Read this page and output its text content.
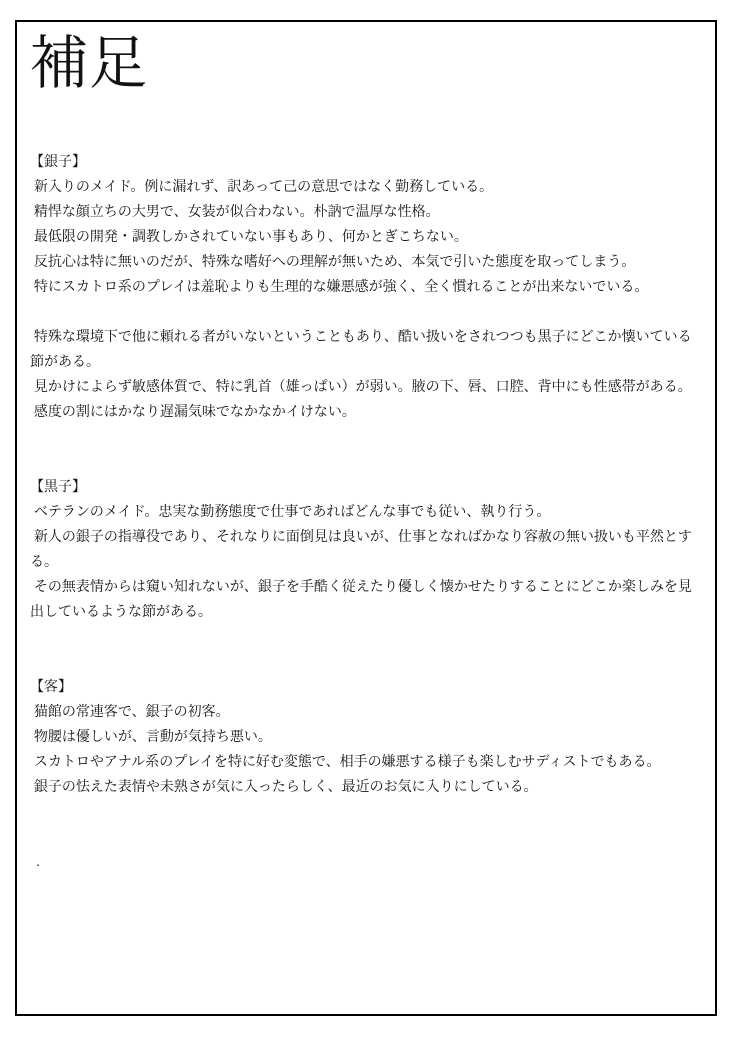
補足
【銀子】
新入りのメイド。例に漏れず、訳あって己の意思ではなく勤務している。
精悍な顔立ちの大男で、女装が似合わない。朴訥で温厚な性格。
最低限の開発・調教しかされていない事もあり、何かとぎこちない。
反抗心は特に無いのだが、特殊な嗜好への理解が無いため、本気で引いた態度を取ってしまう。
特にスカトロ系のプレイは羞恥よりも生理的な嫌悪感が強く、全く慣れることが出来ないでいる。
特殊な環境下で他に頼れる者がいないということもあり、酷い扱いをされつつも黒子にどこか懐いている節がある。
見かけによらず敏感体質で、特に乳首（雄っぱい）が弱い。腋の下、唇、口腔、背中にも性感帯がある。
感度の割にはかなり遅漏気味でなかなかイけない。
【黒子】
ベテランのメイド。忠実な勤務態度で仕事であればどんな事でも従い、執り行う。
新人の銀子の指導役であり、それなりに面倒見は良いが、仕事となればかなり容赦の無い扱いも平然とする。
その無表情からは窺い知れないが、銀子を手酷く従えたり優しく懐かせたりすることにどこか楽しみを見出しているような節がある。
【客】
猫館の常連客で、銀子の初客。
物腰は優しいが、言動が気持ち悪い。
スカトロやアナル系のプレイを特に好む変態で、相手の嫌悪する様子も楽しむサディストでもある。
銀子の怯えた表情や未熟さが気に入ったらしく、最近のお気に入りにしている。
.
